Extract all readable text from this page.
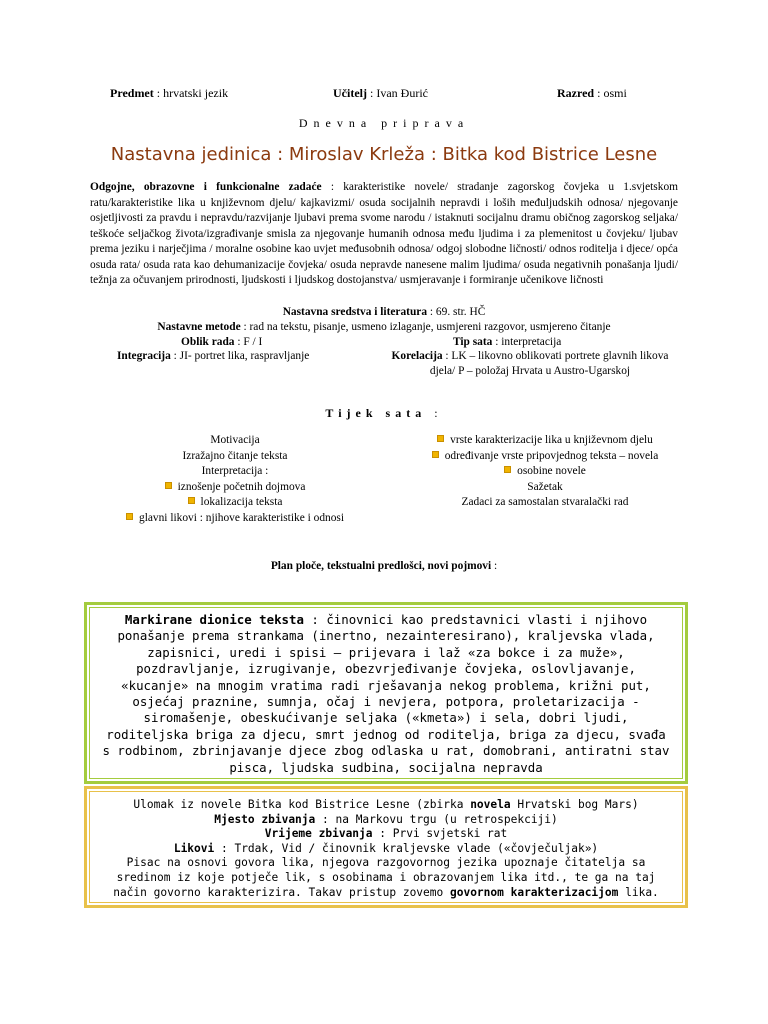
Predmet : hrvatski jezik	Učitelj : Ivan Đurić	Razred : osmi
Dnevna priprava
Nastavna jedinica : Miroslav Krleža : Bitka kod Bistrice Lesne
Odgojne, obrazovne i funkcionalne zadaće : karakteristike novele/ stradanje zagorskog čovjeka u 1.svjetskom ratu/karakteristike lika u književnom djelu/ kajkavizmi/ osuda socijalnih nepravdi i loših međuljudskih odnosa/ njegovanje osjetljivosti za pravdu i nepravdu/razvijanje ljubavi prema svome narodu / istaknuti socijalnu dramu običnog zagorskog seljaka/ teškoće seljačkog života/izgrađivanje smisla za njegovanje humanih odnosa među ljudima i za plemenitost u čovjeku/ ljubav prema jeziku i narječjima / moralne osobine kao uvjet međusobnih odnosa/ odgoj slobodne ličnosti/ odnos roditelja i djece/ opća osuda rata/ osuda rata kao dehumanizacije čovjeka/ osuda nepravde nanesene malim ljudima/ osuda negativnih ponašanja ljudi/ težnja za očuvanjem prirodnosti, ljudskosti i ljudskog dostojanstva/ usmjeravanje i formiranje učenikove ličnosti
Nastavna sredstva i literatura : 69. str. HČ
Nastavne metode : rad na tekstu, pisanje, usmeno izlaganje, usmjereni razgovor, usmjereno čitanje
Oblik rada : F / I	Tip sata : interpretacija
Integracija : JI- portret lika, raspravljanje	Korelacija : LK – likovno oblikovati portrete glavnih likova djela/ P – položaj Hrvata u Austro-Ugarskoj
Tijek sata :
Motivacija
Izražajno čitanje teksta
Interpretacija :
iznošenje početnih dojmova
lokalizacija teksta
glavni likovi : njihove karakteristike i odnosi
vrste karakterizacije lika u književnom djelu
određivanje vrste pripovjednog teksta – novela
osobine novele
Sažetak
Zadaci za samostalan stvaralački rad
Plan ploče, tekstualni predlošci, novi pojmovi :
Markirane dionice teksta : činovnici kao predstavnici vlasti i njihovo ponašanje prema strankama (inertno, nezainteresirano), kraljevska vlada, zapisnici, uredi i spisi – prijevara i laž «za bokce i za muže», pozdravljanje, izrugivanje, obezvrjeđivanje čovjeka, oslovljavanje, «kucanje» na mnogim vratima radi rješavanja nekog problema, križni put, osjećaj praznine, sumnja, očaj i nevjera, potpora, proletarizacija - siromašenje, obeskućivanje seljaka («kmeta») i sela, dobri ljudi, roditeljska briga za djecu, smrt jednog od roditelja, briga za djecu, svađa s rodbinom, zbrinjavanje djece zbog odlaska u rat, domobrani, antiratni stav pisca, ljudska sudbina, socijalna nepravda
Ulomak iz novele Bitka kod Bistrice Lesne (zbirka novela Hrvatski bog Mars)
Mjesto zbivanja : na Markovu trgu (u retrospekciji)
Vrijeme zbivanja : Prvi svjetski rat
Likovi : Trdak, Vid / činovnik kraljevske vlade («čovječuljak»)
Pisac na osnovi govora lika, njegova razgovornog jezika upoznaje čitatelja sa sredinom iz koje potječe lik, s osobinama i obrazovanjem lika itd., te ga na taj način govorno karakterizira. Takav pristup zovemo govornom karakterizacijom lika.
